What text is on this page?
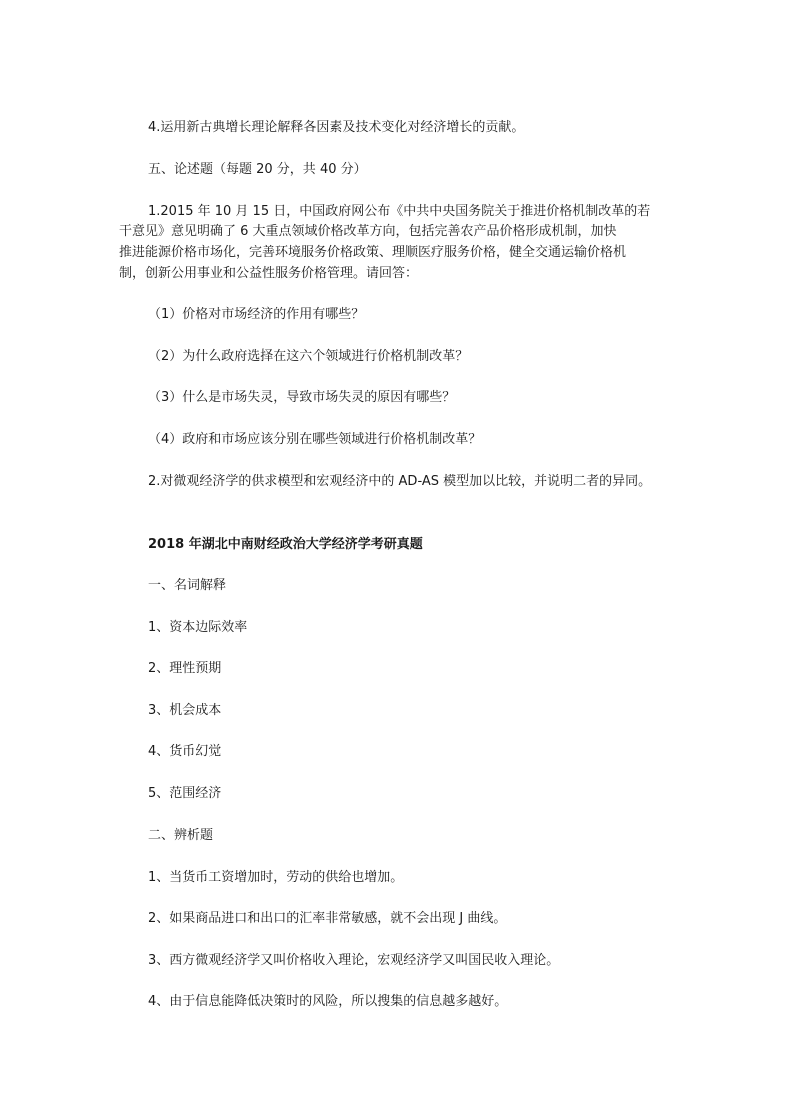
4.运用新古典增长理论解释各因素及技术变化对经济增长的贡献。
五、论述题（每题 20 分，共 40 分）
1.2015 年 10 月 15 日，中国政府网公布《中共中央国务院关于推进价格机制改革的若
干意见》意见明确了 6 大重点领域价格改革方向，包括完善农产品价格形成机制，加快
推进能源价格市场化，完善环境服务价格政策、理顺医疗服务价格，健全交通运输价格机
制，创新公用事业和公益性服务价格管理。请回答：
（1）价格对市场经济的作用有哪些？
（2）为什么政府选择在这六个领域进行价格机制改革？
（3）什么是市场失灵，导致市场失灵的原因有哪些？
（4）政府和市场应该分别在哪些领域进行价格机制改革？
2.对微观经济学的供求模型和宏观经济中的 AD-AS 模型加以比较，并说明二者的异同。
2018 年湖北中南财经政治大学经济学考研真题
一、名词解释
1、资本边际效率
2、理性预期
3、机会成本
4、货币幻觉
5、范围经济
二、辨析题
1、当货币工资增加时，劳动的供给也增加。
2、如果商品进口和出口的汇率非常敏感，就不会出现 J 曲线。
3、西方微观经济学又叫价格收入理论，宏观经济学又叫国民收入理论。
4、由于信息能降低决策时的风险，所以搜集的信息越多越好。
